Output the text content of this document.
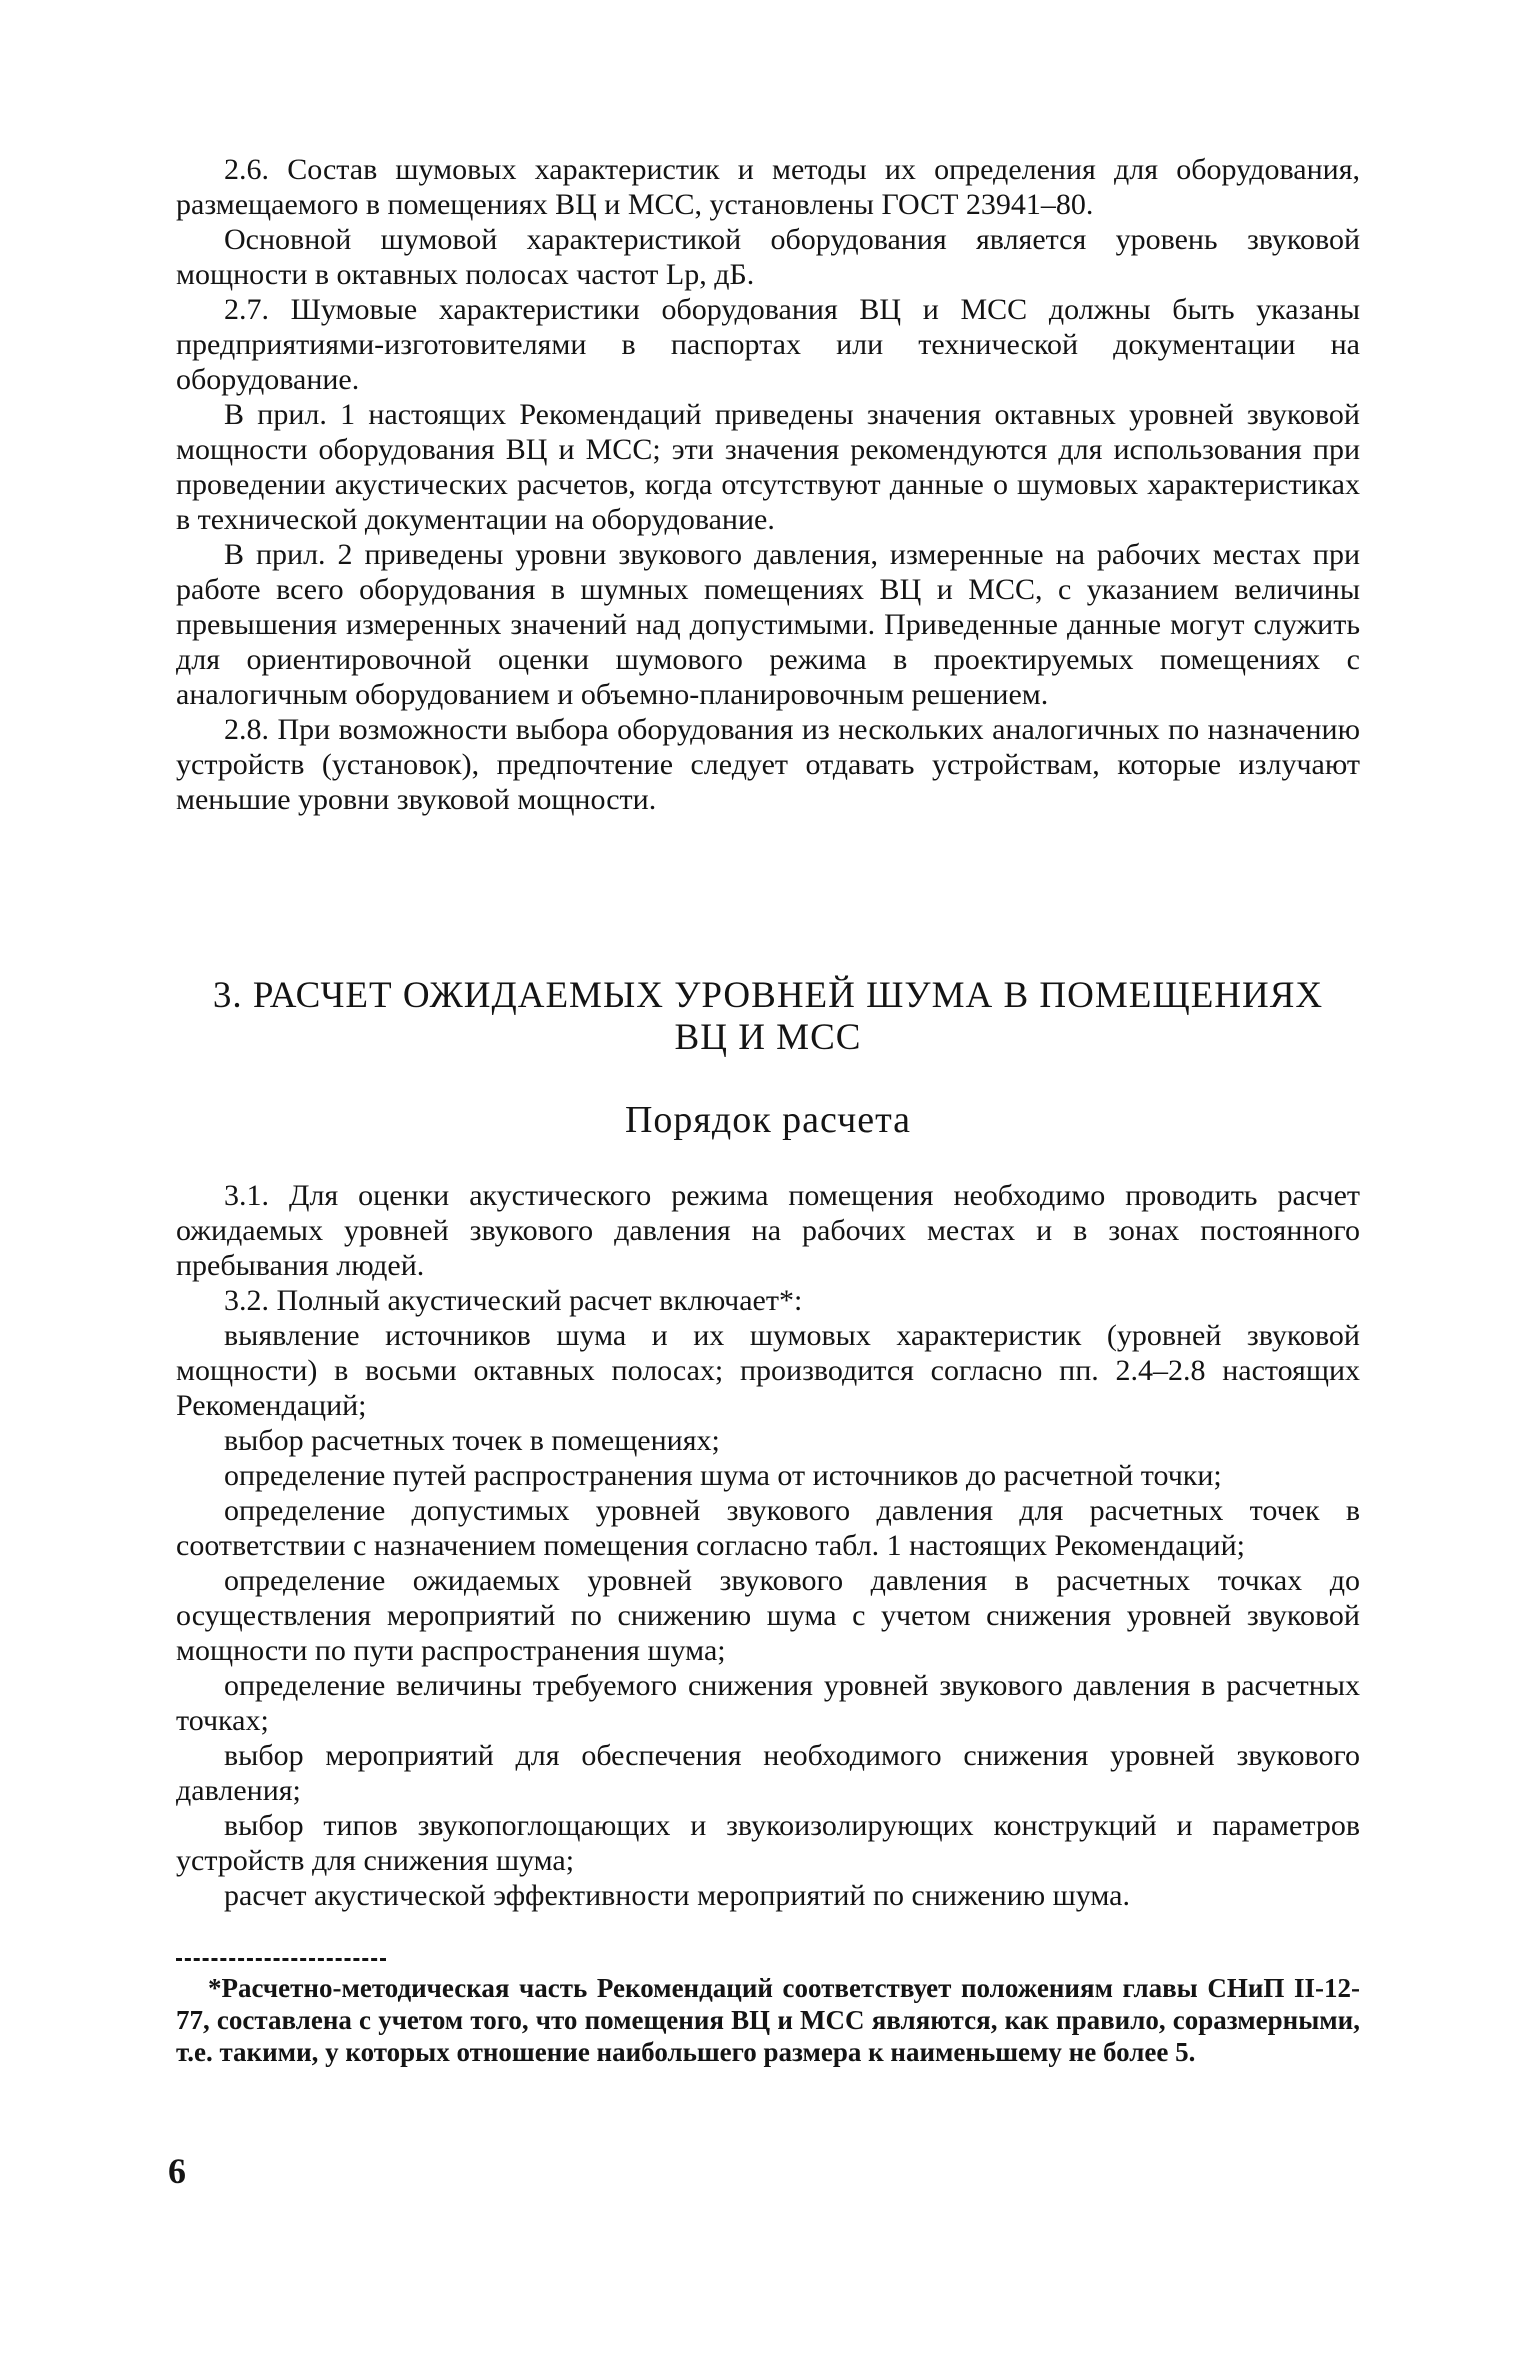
2.6. Состав шумовых характеристик и методы их определения для оборудования, размещаемого в помещениях ВЦ и МСС, установлены ГОСТ 23941–80.

Основной шумовой характеристикой оборудования является уровень звуковой мощности в октавных полосах частот Lр, дБ.

2.7. Шумовые характеристики оборудования ВЦ и МСС должны быть указаны предприятиями-изготовителями в паспортах или технической документации на оборудование.

В прил. 1 настоящих Рекомендаций приведены значения октавных уровней звуковой мощности оборудования ВЦ и МСС; эти значения рекомендуются для использования при проведении акустических расчетов, когда отсутствуют данные о шумовых характеристиках в технической документации на оборудование.

В прил. 2 приведены уровни звукового давления, измеренные на рабочих местах при работе всего оборудования в шумных помещениях ВЦ и МСС, с указанием величины превышения измеренных значений над допустимыми. Приведенные данные могут служить для ориентировочной оценки шумового режима в проектируемых помещениях с аналогичным оборудованием и объемно-планировочным решением.

2.8. При возможности выбора оборудования из нескольких аналогичных по назначению устройств (установок), предпочтение следует отдавать устройствам, которые излучают меньшие уровни звуковой мощности.

3. РАСЧЕТ ОЖИДАЕМЫХ УРОВНЕЙ ШУМА В ПОМЕЩЕНИЯХ

ВЦ И МСС

Порядок расчета

3.1. Для оценки акустического режима помещения необходимо проводить расчет ожидаемых уровней звукового давления на рабочих местах и в зонах постоянного пребывания людей.

3.2. Полный акустический расчет включает*:

выявление источников шума и их шумовых характеристик (уровней звуковой мощности) в восьми октавных полосах; производится согласно пп. 2.4–2.8 настоящих Рекомендаций;

выбор расчетных точек в помещениях;

определение путей распространения шума от источников до расчетной точки;

определение допустимых уровней звукового давления для расчетных точек в соответствии с назначением помещения согласно табл. 1 настоящих Рекомендаций;

определение ожидаемых уровней звукового давления в расчетных точках до осуществления мероприятий по снижению шума с учетом снижения уровней звуковой мощности по пути распространения шума;

определение величины требуемого снижения уровней звукового давления в расчетных точках;

выбор мероприятий для обеспечения необходимого снижения уровней звукового давления;

выбор типов звукопоглощающих и звукоизолирующих конструкций и параметров устройств для снижения шума;

расчет акустической эффективности мероприятий по снижению шума.

*Расчетно-методическая часть Рекомендаций соответствует положениям главы СНиП II-12-77, составлена с учетом того, что помещения ВЦ и МСС являются, как правило, соразмерными, т.е. такими, у которых отношение наибольшего размера к наименьшему не более 5.

6
